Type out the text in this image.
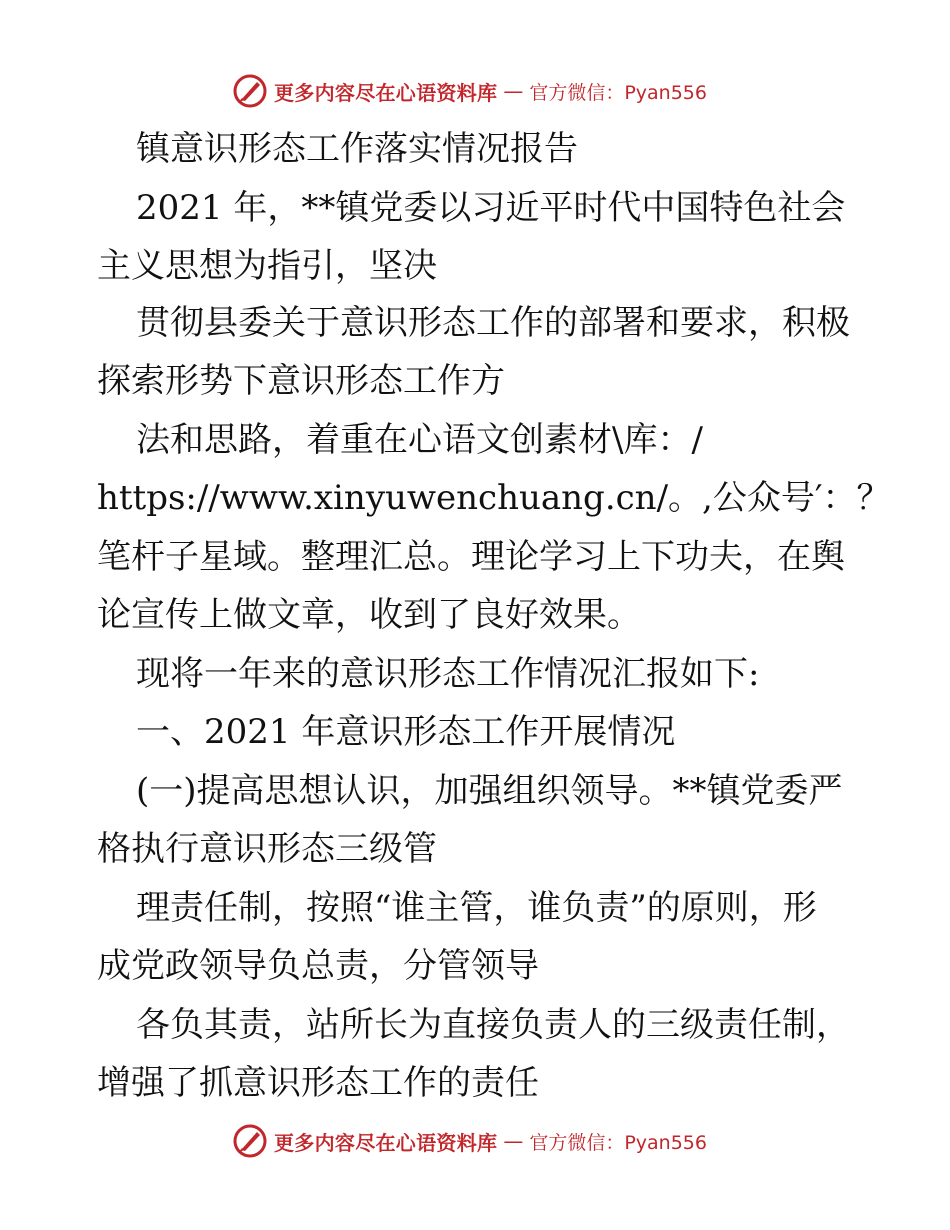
更多内容尽在心语资料库 — 官方微信：Pyan556
镇意识形态工作落实情况报告
2021 年，**镇党委以习近平时代中国特色社会
主义思想为指引，坚决
贯彻县委关于意识形态工作的部署和要求，积极
探索形势下意识形态工作方
法和思路，着重在心语文创素材\库：/
https://www.xinyuwenchuang.cn/。,公众号′：？
笔杆子星域。整理汇总。理论学习上下功夫，在舆
论宣传上做文章，收到了良好效果。
现将一年来的意识形态工作情况汇报如下:
一、2021 年意识形态工作开展情况
(一)提高思想认识，加强组织领导。**镇党委严
格执行意识形态三级管
理责任制，按照“谁主管，谁负责”的原则，形
成党政领导负总责，分管领导
各负其责，站所长为直接负责人的三级责任制，
增强了抓意识形态工作的责任
更多内容尽在心语资料库 — 官方微信：Pyan556
